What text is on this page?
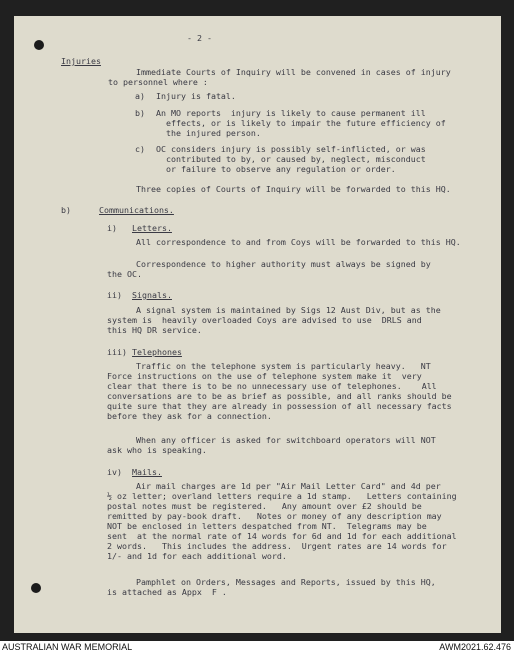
- 2 -
Injuries
Immediate Courts of Inquiry will be convened in cases of injury
to personnel where :
a) Injury is fatal.
b) An MO reports  injury is likely to cause permanent ill
effects, or is likely to impair the future efficiency of
the injured person.
c) OC considers injury is possibly self-inflicted, or was
contributed to by, or caused by, neglect, misconduct
or failure to observe any regulation or order.
Three copies of Courts of Inquiry will be forwarded to this HQ.
b)	Communications.
i) Letters.
All correspondence to and from Coys will be forwarded to this HQ.
Correspondence to higher authority must always be signed by
the OC.
ii) Signals.
A signal system is maintained by Sigs 12 Aust Div, but as the
system is  heavily overloaded Coys are advised to use  DRLS and
this HQ DR service.
iii) Telephones
Traffic on the telephone system is particularly heavy.   NT
Force instructions on the use of telephone system make it  very
clear that there is to be no unnecessary use of telephones.    All
conversations are to be as brief as possible, and all ranks should be
quite sure that they are already in possession of all necessary facts
before they ask for a connection.
When any officer is asked for switchboard operators will NOT
ask who is speaking.
iv) Mails.
Air mail charges are 1d per "Air Mail Letter Card" and 4d per
½ oz letter; overland letters require a 1d stamp.   Letters containing
postal notes must be registered.   Any amount over £2 should be
remitted by pay-book draft.   Notes or money of any description may
NOT be enclosed in letters despatched from NT.  Telegrams may be
sent  at the normal rate of 14 words for 6d and 1d for each additional
2 words.   This includes the address.  Urgent rates are 14 words for
1/- and 1d for each additional word.
Pamphlet on Orders, Messages and Reports, issued by this HQ,
is attached as Appx  F .
AUSTRALIAN WAR MEMORIAL	AWM2021.62.476
